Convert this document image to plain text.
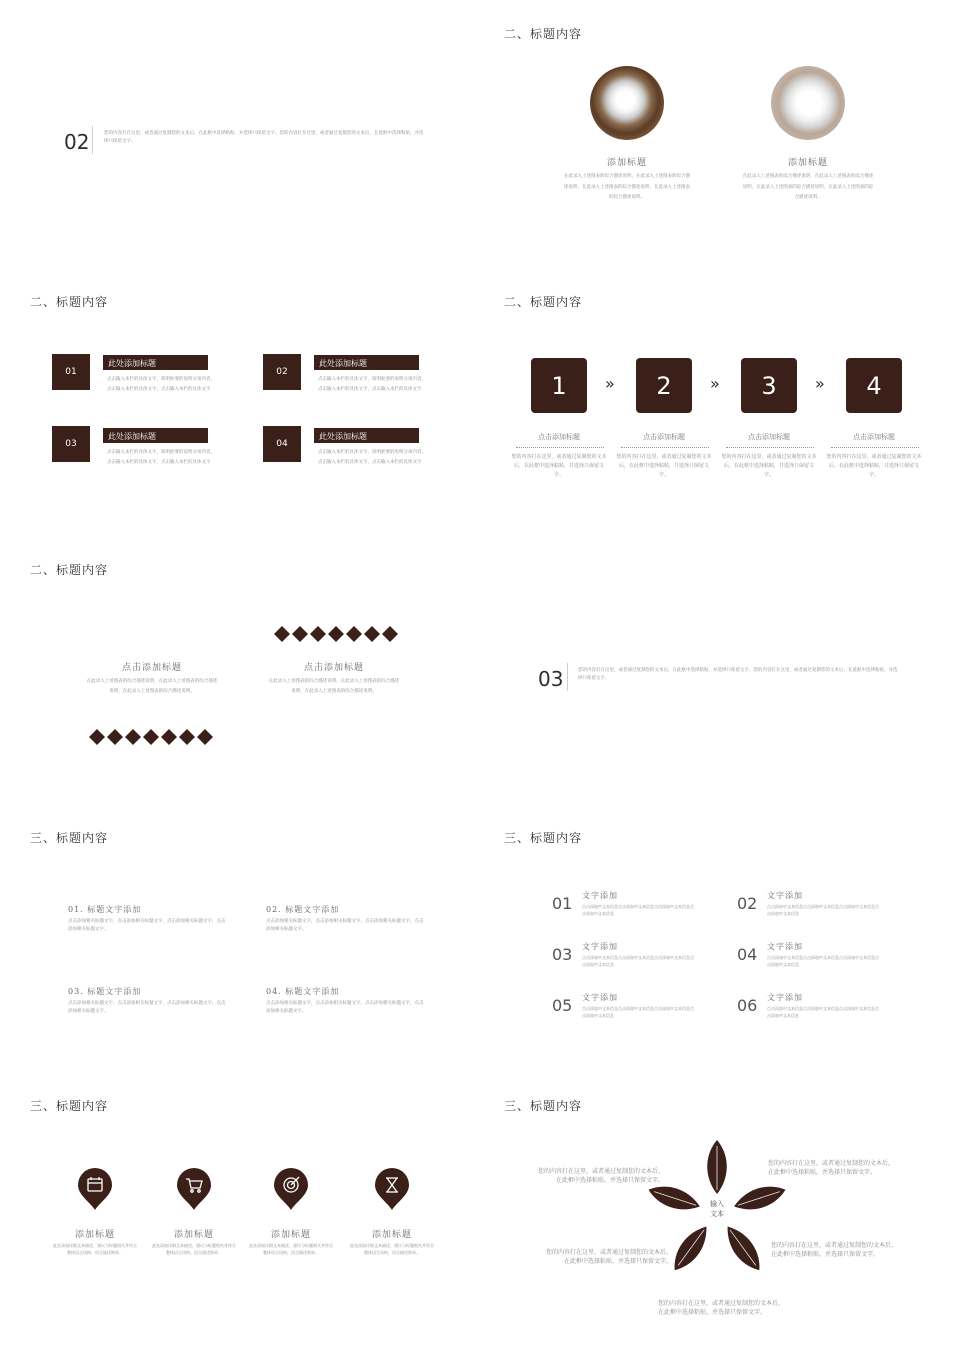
02	您的内容打在这里，或者通过复制您的文本后，在此框中选择粘贴，并选择只保留文字。您的内容打在这里，或者通过复制您的文本后，在此框中选择粘贴，并选择只保留文字。
二、标题内容
添加标题
在此录入上述图表的综合描述说明，在此录入上述图表的综合描述说明，在此录入上述图表的综合描述说明，在此录入上述图表的综合描述说明。
添加标题
在此录入上述图表的综合描述说明，在此录入上述图表的综合描述说明，在此录入上述图表的综合描述说明，在此录入上述图表的综合描述说明。
二、标题内容
01
此处添加标题
点击输入本栏的具体文字，简明扼要的说明分项内容，点击输入本栏的具体文字，点击输入本栏的具体文字
02
此处添加标题
点击输入本栏的具体文字，简明扼要的说明分项内容，点击输入本栏的具体文字，点击输入本栏的具体文字
03
此处添加标题
点击输入本栏的具体文字，简明扼要的说明分项内容，点击输入本栏的具体文字，点击输入本栏的具体文字
04
此处添加标题
点击输入本栏的具体文字，简明扼要的说明分项内容，点击输入本栏的具体文字，点击输入本栏的具体文字
二、标题内容
1	2	3	4
»	»	»
点击添加标题	点击添加标题	点击添加标题	点击添加标题
您的内容打在这里，或者通过复制您的文本后，在此框中选择粘贴，并选择只保留文字。
您的内容打在这里，或者通过复制您的文本后，在此框中选择粘贴，并选择只保留文字。
您的内容打在这里，或者通过复制您的文本后，在此框中选择粘贴，并选择只保留文字。
您的内容打在这里，或者通过复制您的文本后，在此框中选择粘贴，并选择只保留文字。
二、标题内容
点击添加标题
在此录入上述图表的综合描述说明，在此录入上述图表的综合描述说明，在此录入上述图表的综合描述说明。
点击添加标题
在此录入上述图表的综合描述说明，在此录入上述图表的综合描述说明，在此录入上述图表的综合描述说明。
03	您的内容打在这里，或者通过复制您的文本后，在此框中选择粘贴，并选择只保留文字。您的内容打在这里，或者通过复制您的文本后，在此框中选择粘贴，并选择只保留文字。
三、标题内容
01. 标题文字添加
点击添加相关标题文字，点击添加相关标题文字，点击添加相关标题文字，点击添加相关标题文字。
02. 标题文字添加
点击添加相关标题文字，点击添加相关标题文字，点击添加相关标题文字，点击添加相关标题文字。
03. 标题文字添加
点击添加相关标题文字，点击添加相关标题文字，点击添加相关标题文字，点击添加相关标题文字。
04. 标题文字添加
点击添加相关标题文字，点击添加相关标题文字，点击添加相关标题文字，点击添加相关标题文字。
三、标题内容
01 文字添加
点击添加中文本信息点击添加中文本信息点击添加中文本信息点击添加中文本信息
02 文字添加
点击添加中文本信息点击添加中文本信息点击添加中文本信息点击添加中文本信息
03 文字添加
点击添加中文本信息点击添加中文本信息点击添加中文本信息点击添加中文本信息
04 文字添加
点击添加中文本信息点击添加中文本信息点击添加中文本信息点击添加中文本信息
05 文字添加
点击添加中文本信息点击添加中文本信息点击添加中文本信息点击添加中文本信息
06 文字添加
点击添加中文本信息点击添加中文本信息点击添加中文本信息点击添加中文本信息
三、标题内容
添加标题
此处添加详细文本描述，建议与标题相关并符合整体语言风格，语言描述简单。
添加标题
此处添加详细文本描述，建议与标题相关并符合整体语言风格，语言描述简单。
添加标题
此处添加详细文本描述，建议与标题相关并符合整体语言风格，语言描述简单。
添加标题
此处添加详细文本描述，建议与标题相关并符合整体语言风格，语言描述简单。
三、标题内容
输入
文本
您的内容打在这里，或者通过复制您的文本后，在此框中选择粘贴，并选择只保留文字。
您的内容打在这里，或者通过复制您的文本后，在此框中选择粘贴，并选择只保留文字。
您的内容打在这里，或者通过复制您的文本后，在此框中选择粘贴，并选择只保留文字。
您的内容打在这里，或者通过复制您的文本后，在此框中选择粘贴，并选择只保留文字。
您的内容打在这里，或者通过复制您的文本后，在此框中选择粘贴，并选择只保留文字。
